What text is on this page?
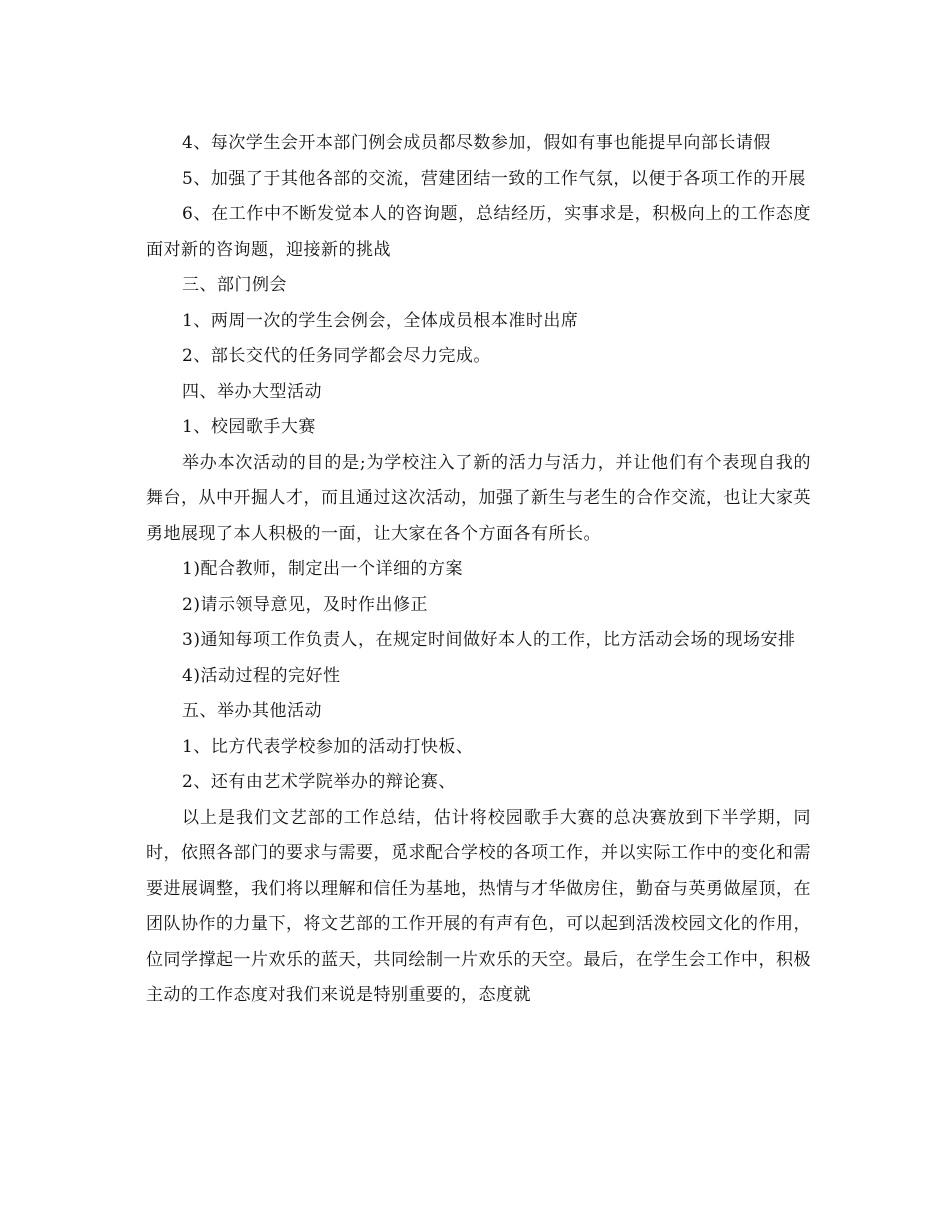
4、每次学生会开本部门例会成员都尽数参加，假如有事也能提早向部长请假

5、加强了于其他各部的交流，营建团结一致的工作气氛，以便于各项工作的开展

6、在工作中不断发觉本人的咨询题，总结经历，实事求是，积极向上的工作态度面对新的咨询题，迎接新的挑战

三、部门例会

1、两周一次的学生会例会，全体成员根本准时出席

2、部长交代的任务同学都会尽力完成。

四、举办大型活动

1、校园歌手大赛

举办本次活动的目的是;为学校注入了新的活力与活力，并让他们有个表现自我的舞台，从中开掘人才，而且通过这次活动，加强了新生与老生的合作交流，也让大家英勇地展现了本人积极的一面，让大家在各个方面各有所长。

1)配合教师，制定出一个详细的方案

2)请示领导意见，及时作出修正

3)通知每项工作负责人，在规定时间做好本人的工作，比方活动会场的现场安排

4)活动过程的完好性

五、举办其他活动

1、比方代表学校参加的活动打快板、

2、还有由艺术学院举办的辩论赛、

以上是我们文艺部的工作总结，估计将校园歌手大赛的总决赛放到下半学期，同时，依照各部门的要求与需要，觅求配合学校的各项工作，并以实际工作中的变化和需要进展调整，我们将以理解和信任为基地，热情与才华做房住，勤奋与英勇做屋顶，在团队协作的力量下，将文艺部的工作开展的有声有色，可以起到活泼校园文化的作用，位同学撑起一片欢乐的蓝天，共同绘制一片欢乐的天空。最后，在学生会工作中，积极主动的工作态度对我们来说是特别重要的，态度就
